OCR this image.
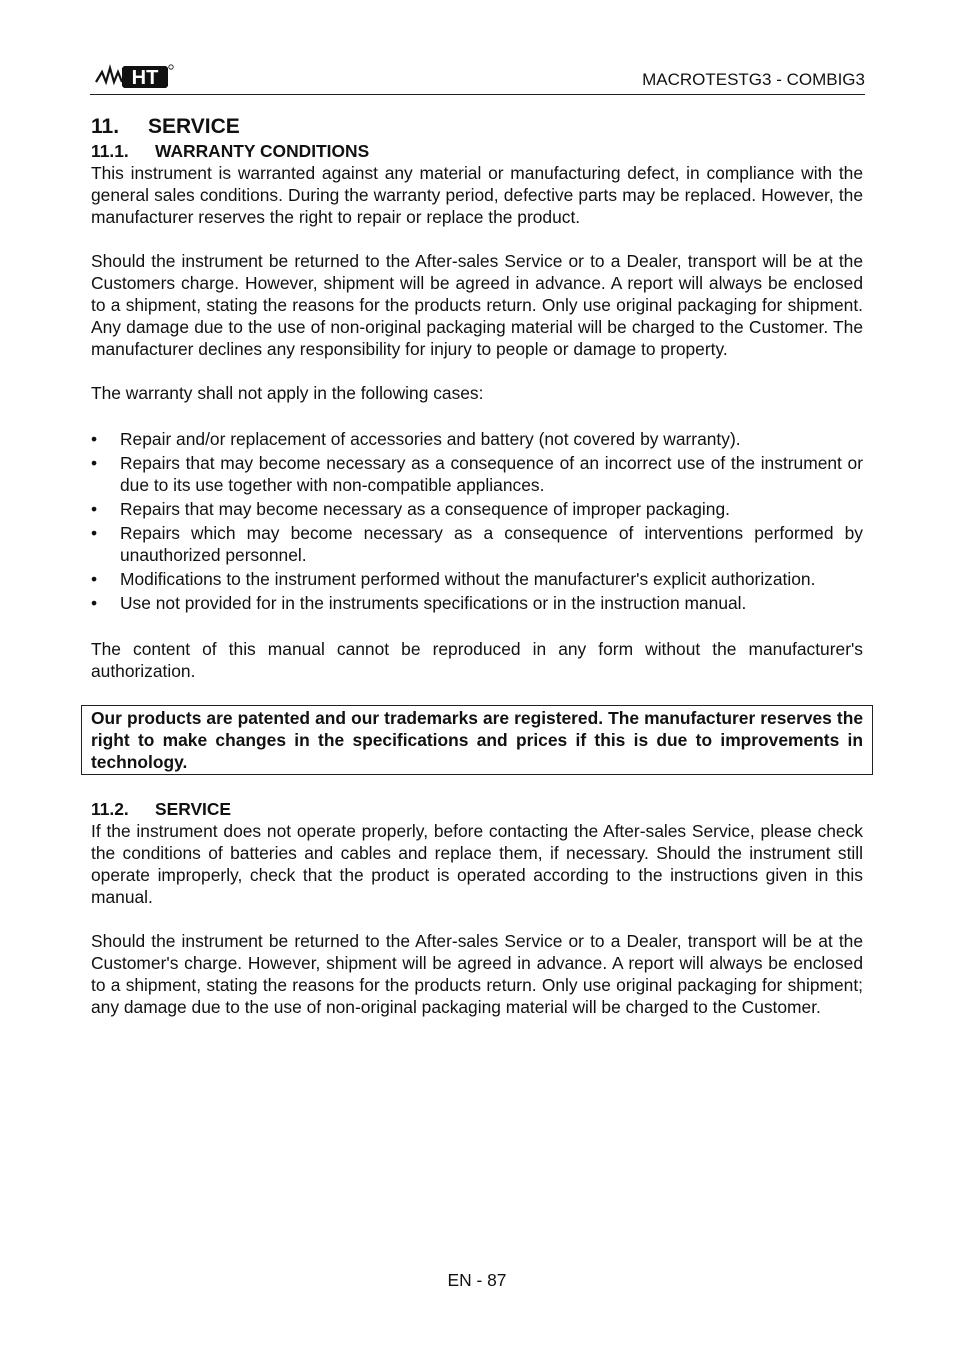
HT	MACROTESTG3 - COMBIG3
11. SERVICE
11.1. WARRANTY CONDITIONS

This instrument is warranted against any material or manufacturing defect, in compliance with the general sales conditions. During the warranty period, defective parts may be replaced. However, the manufacturer reserves the right to repair or replace the product.

Should the instrument be returned to the After-sales Service or to a Dealer, transport will be at the Customers charge. However, shipment will be agreed in advance. A report will always be enclosed to a shipment, stating the reasons for the products return. Only use original packaging for shipment. Any damage due to the use of non-original packaging material will be charged to the Customer. The manufacturer declines any responsibility for injury to people or damage to property.

The warranty shall not apply in the following cases:

• Repair and/or replacement of accessories and battery (not covered by warranty).
• Repairs that may become necessary as a consequence of an incorrect use of the instrument or due to its use together with non-compatible appliances.
• Repairs that may become necessary as a consequence of improper packaging.
• Repairs which may become necessary as a consequence of interventions performed by unauthorized personnel.
• Modifications to the instrument performed without the manufacturer's explicit authorization.
• Use not provided for in the instruments specifications or in the instruction manual.

The content of this manual cannot be reproduced in any form without the manufacturer's authorization.

Our products are patented and our trademarks are registered. The manufacturer reserves the right to make changes in the specifications and prices if this is due to improvements in technology.
11.2. SERVICE

If the instrument does not operate properly, before contacting the After-sales Service, please check the conditions of batteries and cables and replace them, if necessary. Should the instrument still operate improperly, check that the product is operated according to the instructions given in this manual.

Should the instrument be returned to the After-sales Service or to a Dealer, transport will be at the Customer's charge. However, shipment will be agreed in advance. A report will always be enclosed to a shipment, stating the reasons for the products return. Only use original packaging for shipment; any damage due to the use of non-original packaging material will be charged to the Customer.

EN - 87
